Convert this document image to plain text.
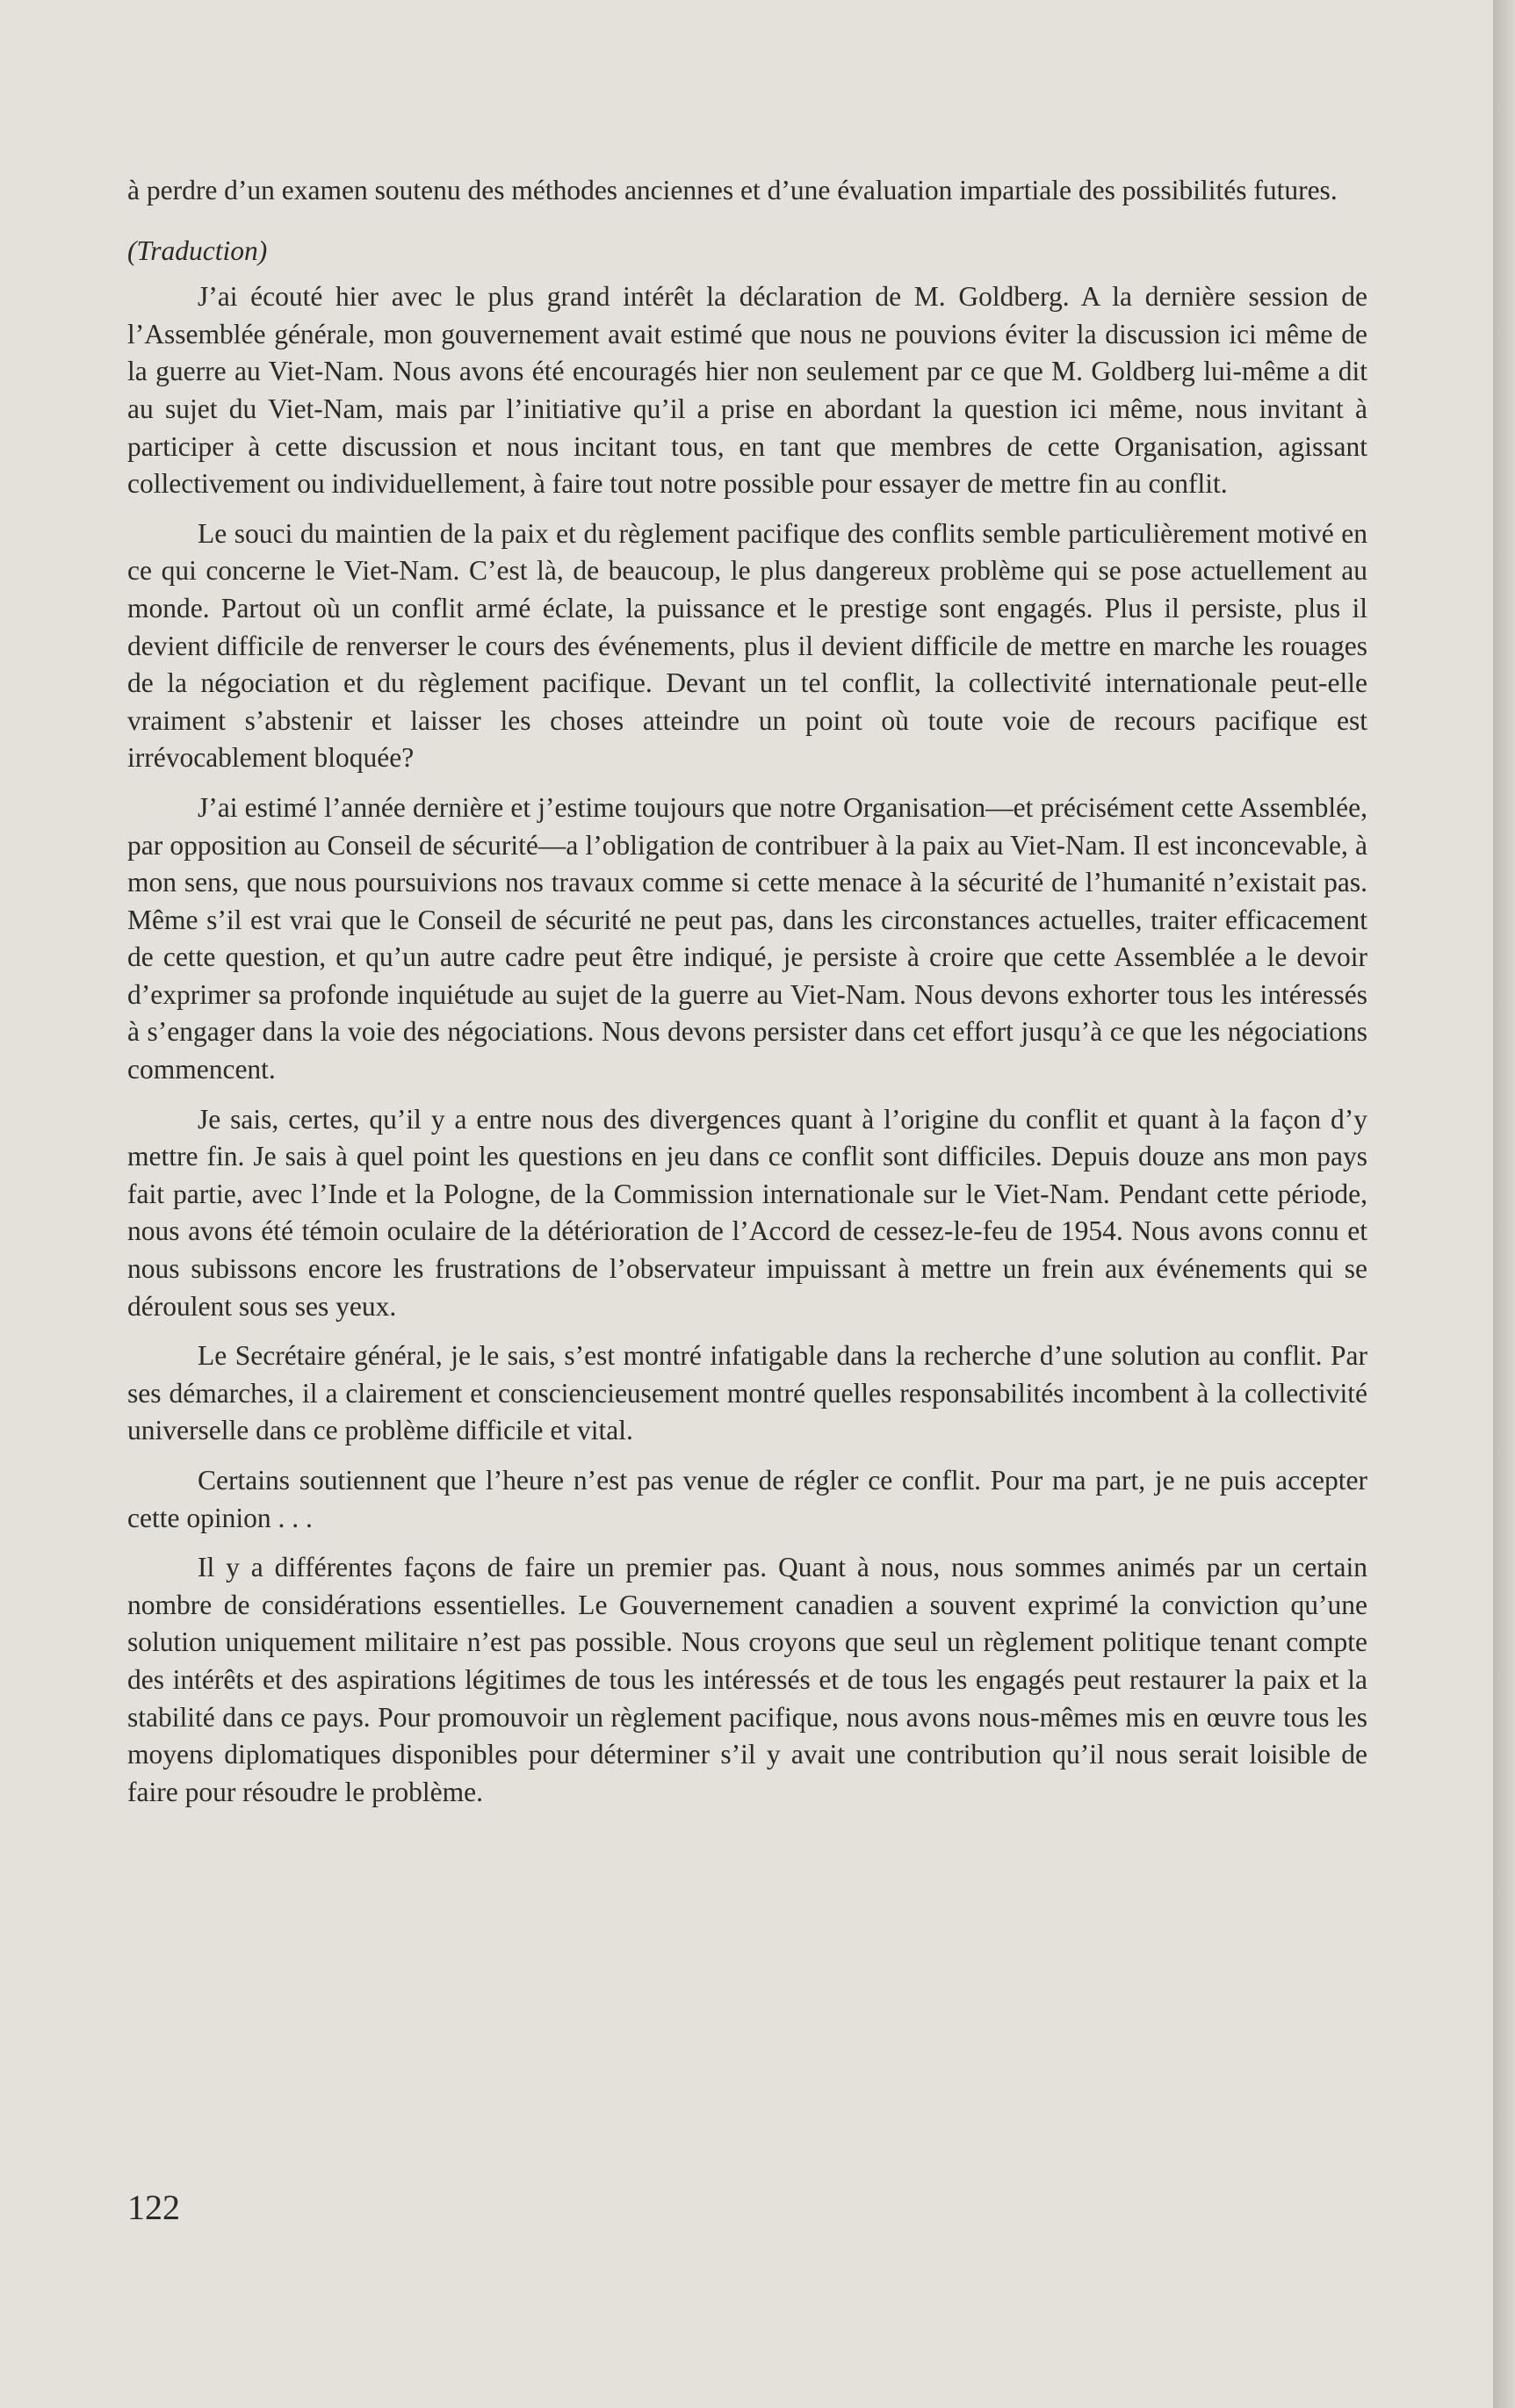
à perdre d’un examen soutenu des méthodes anciennes et d’une évaluation impartiale des possibilités futures.

(Traduction)

J’ai écouté hier avec le plus grand intérêt la déclaration de M. Goldberg. A la dernière session de l’Assemblée générale, mon gouvernement avait estimé que nous ne pouvions éviter la discussion ici même de la guerre au Viet-Nam. Nous avons été encouragés hier non seulement par ce que M. Goldberg lui-même a dit au sujet du Viet-Nam, mais par l’initiative qu’il a prise en abordant la question ici même, nous invitant à participer à cette discussion et nous incitant tous, en tant que membres de cette Organisation, agissant collectivement ou individuellement, à faire tout notre possible pour essayer de mettre fin au conflit.

Le souci du maintien de la paix et du règlement pacifique des conflits semble particulièrement motivé en ce qui concerne le Viet-Nam. C’est là, de beaucoup, le plus dangereux problème qui se pose actuellement au monde. Partout où un conflit armé éclate, la puissance et le prestige sont engagés. Plus il persiste, plus il devient difficile de renverser le cours des événements, plus il devient difficile de mettre en marche les rouages de la négociation et du règlement pacifique. Devant un tel conflit, la collectivité internationale peut-elle vraiment s’abstenir et laisser les choses atteindre un point où toute voie de recours pacifique est irrévocablement bloquée?

J’ai estimé l’année dernière et j’estime toujours que notre Organisation—et précisément cette Assemblée, par opposition au Conseil de sécurité—a l’obligation de contribuer à la paix au Viet-Nam. Il est inconcevable, à mon sens, que nous poursuivions nos travaux comme si cette menace à la sécurité de l’humanité n’existait pas. Même s’il est vrai que le Conseil de sécurité ne peut pas, dans les circonstances actuelles, traiter efficacement de cette question, et qu’un autre cadre peut être indiqué, je persiste à croire que cette Assemblée a le devoir d’exprimer sa profonde inquiétude au sujet de la guerre au Viet-Nam. Nous devons exhorter tous les intéressés à s’engager dans la voie des négociations. Nous devons persister dans cet effort jusqu’à ce que les négociations commencent.

Je sais, certes, qu’il y a entre nous des divergences quant à l’origine du conflit et quant à la façon d’y mettre fin. Je sais à quel point les questions en jeu dans ce conflit sont difficiles. Depuis douze ans mon pays fait partie, avec l’Inde et la Pologne, de la Commission internationale sur le Viet-Nam. Pendant cette période, nous avons été témoin oculaire de la détérioration de l’Accord de cessez-le-feu de 1954. Nous avons connu et nous subissons encore les frustrations de l’observateur impuissant à mettre un frein aux événements qui se déroulent sous ses yeux.

Le Secrétaire général, je le sais, s’est montré infatigable dans la recherche d’une solution au conflit. Par ses démarches, il a clairement et consciencieusement montré quelles responsabilités incombent à la collectivité universelle dans ce problème difficile et vital.

Certains soutiennent que l’heure n’est pas venue de régler ce conflit. Pour ma part, je ne puis accepter cette opinion . . .

Il y a différentes façons de faire un premier pas. Quant à nous, nous sommes animés par un certain nombre de considérations essentielles. Le Gouvernement canadien a souvent exprimé la conviction qu’une solution uniquement militaire n’est pas possible. Nous croyons que seul un règlement politique tenant compte des intérêts et des aspirations légitimes de tous les intéressés et de tous les engagés peut restaurer la paix et la stabilité dans ce pays. Pour promouvoir un règlement pacifique, nous avons nous-mêmes mis en œuvre tous les moyens diplomatiques disponibles pour déterminer s’il y avait une contribution qu’il nous serait loisible de faire pour résoudre le problème.

122
